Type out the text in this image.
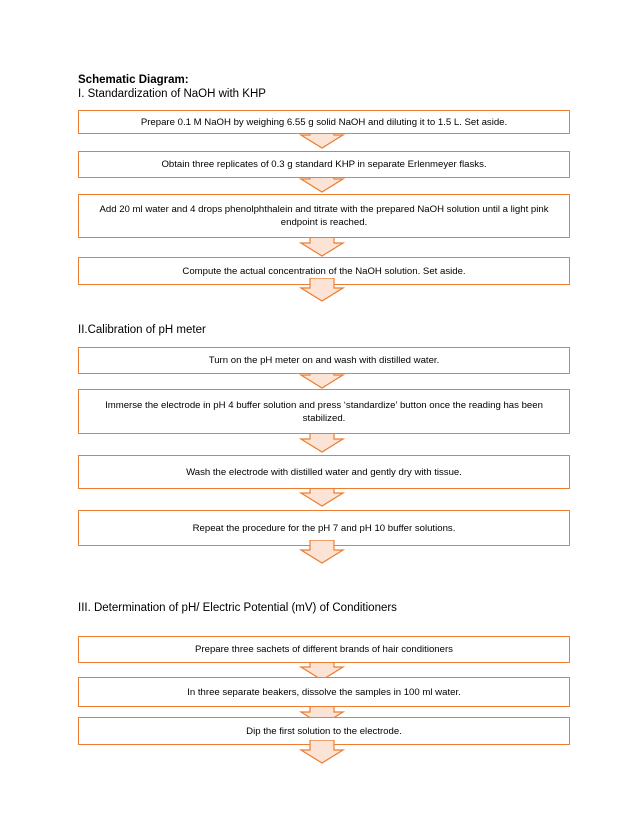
Schematic Diagram:
I. Standardization of NaOH with KHP
II.Calibration of pH meter
III. Determination of pH/ Electric Potential (mV) of Conditioners
Prepare 0.1 M NaOH by weighing 6.55 g solid NaOH and diluting it to 1.5 L. Set aside.
Obtain three replicates of 0.3 g standard KHP in separate Erlenmeyer flasks.
Add 20 ml water and 4 drops phenolphthalein and titrate with the prepared NaOH solution until a light pink endpoint is reached.
Compute the actual concentration of the NaOH solution. Set aside.
Turn on the pH meter on and wash with distilled water.
Immerse the electrode in pH 4 buffer solution and press ‘standardize’ button once the reading has been stabilized.
Wash the electrode with distilled water and gently dry with tissue.
Repeat the procedure for the pH 7 and pH 10 buffer solutions.
Prepare three sachets of different brands of hair conditioners
In three separate beakers, dissolve the samples in 100 ml water.
Dip the first solution to the electrode.
